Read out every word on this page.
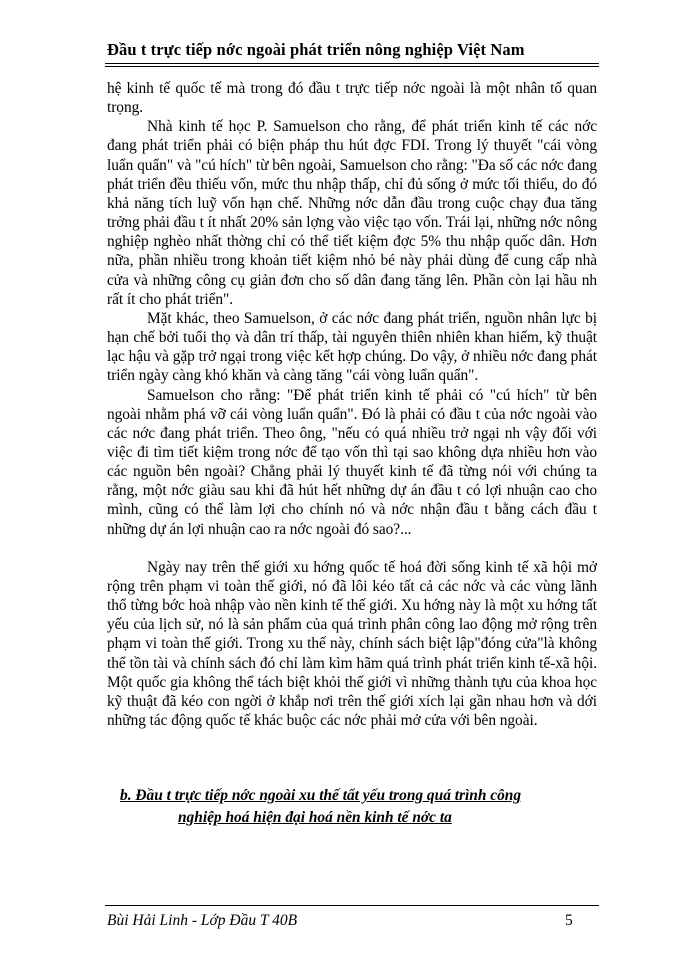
Đầu t trực tiếp nớc ngoài phát triển nông nghiệp Việt Nam

hệ kinh tế quốc tế mà trong đó đầu t trực tiếp nớc ngoài là một nhân tố quan trọng.

Nhà kinh tế học P. Samuelson cho rằng, để phát triển kinh tế các nớc đang phát triển phải có biện pháp thu hút đợc FDI. Trong lý thuyết "cái vòng luẩn quẩn" và "cú hích" từ bên ngoài, Samuelson cho rằng: "Đa số các nớc đang phát triển đều thiếu vốn, mức thu nhập thấp, chỉ đủ sống ở mức tối thiểu, do đó khả năng tích luỹ vốn hạn chế. Những nớc dẫn đầu trong cuộc chạy đua tăng trởng phải đầu t ít nhất 20% sản lợng vào việc tạo vốn. Trái lại, những nớc nông nghiệp nghèo nhất thờng chỉ có thể tiết kiệm đợc 5% thu nhập quốc dân. Hơn nữa, phần nhiều trong khoản tiết kiệm nhỏ bé này phải dùng để cung cấp nhà cửa và những công cụ giản đơn cho số dân đang tăng lên. Phần còn lại hầu nh rất ít cho phát triển".

Mặt khác, theo Samuelson, ở các nớc đang phát triển, nguồn nhân lực bị hạn chế bởi tuổi thọ và dân trí thấp, tài nguyên thiên nhiên khan hiếm, kỹ thuật lạc hậu và gặp trở ngại trong việc kết hợp chúng. Do vậy, ở nhiều nớc đang phát triển ngày càng khó khăn và càng tăng "cái vòng luẩn quẩn".

Samuelson cho rằng: "Để phát triển kinh tế phải có "cú hích" từ bên ngoài nhằm phá vỡ cái vòng luẩn quẩn". Đó là phải có đầu t của nớc ngoài vào các nớc đang phát triển. Theo ông, "nếu có quá nhiều trở ngại nh vậy đối với việc đi tìm tiết kiệm trong nớc để tạo vốn thì tại sao không dựa nhiều hơn vào các nguồn bên ngoài? Chẳng phải lý thuyết kinh tế đã từng nói với chúng ta rằng, một nớc giàu sau khi đã hút hết những dự án đầu t có lợi nhuận cao cho mình, cũng có thể làm lợi cho chính nó và nớc nhận đầu t bằng cách đầu t những dự án lợi nhuận cao ra nớc ngoài đó sao?...

Ngày nay trên thế giới xu hớng quốc tế hoá đời sống kinh tế xã hội mở rộng trên phạm vi toàn thế giới, nó đã lôi kéo tất cả các nớc và các vùng lãnh thổ từng bớc hoà nhập vào nền kinh tế thế giới. Xu hớng này là một xu hớng tất yếu của lịch sử, nó là sản phẩm của quá trình phân công lao động mở rộng trên phạm vi toàn thế giới. Trong xu thế này, chính sách biệt lập"đóng cửa"là không thể tồn tài và chính sách đó chỉ làm kìm hãm quá trình phát triển kinh tế-xã hội. Một quốc gia không thể tách biệt khỏi thế giới vì những thành tựu của khoa học kỹ thuật đã kéo con ngời ở khắp nơi trên thế giới xích lại gần nhau hơn và dới những tác động quốc tế khác buộc các nớc phải mở cửa với bên ngoài.

b. Đầu t trực tiếp nớc ngoài xu thế tất yếu trong quá trình công
nghiệp hoá hiện đại hoá nền kinh tế nớc ta
Bùi Hải Linh - Lớp Đầu T 40B	5
